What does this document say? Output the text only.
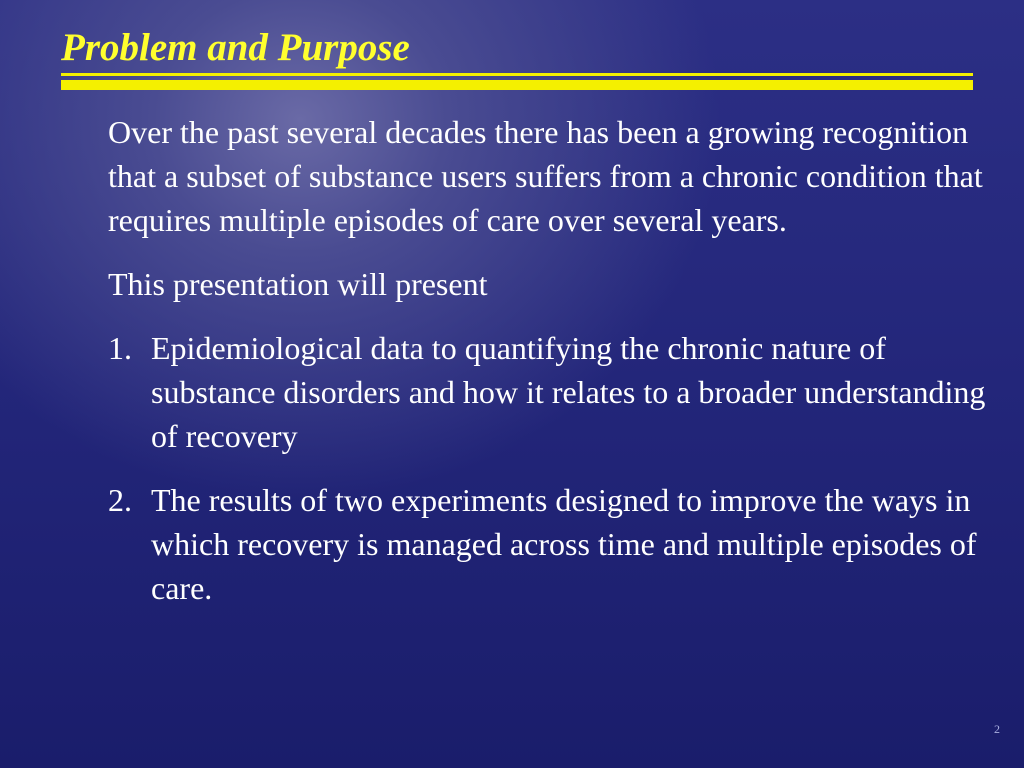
Problem and Purpose

Over the past several decades there has been a growing recognition that a subset of substance users suffers from a chronic condition that requires multiple episodes of care over several years.

This presentation will present

1. Epidemiological data to quantifying the chronic nature of substance disorders and how it relates to a broader understanding of recovery
2. The results of two experiments designed to improve the ways in which recovery is managed across time and multiple episodes of care.
2
